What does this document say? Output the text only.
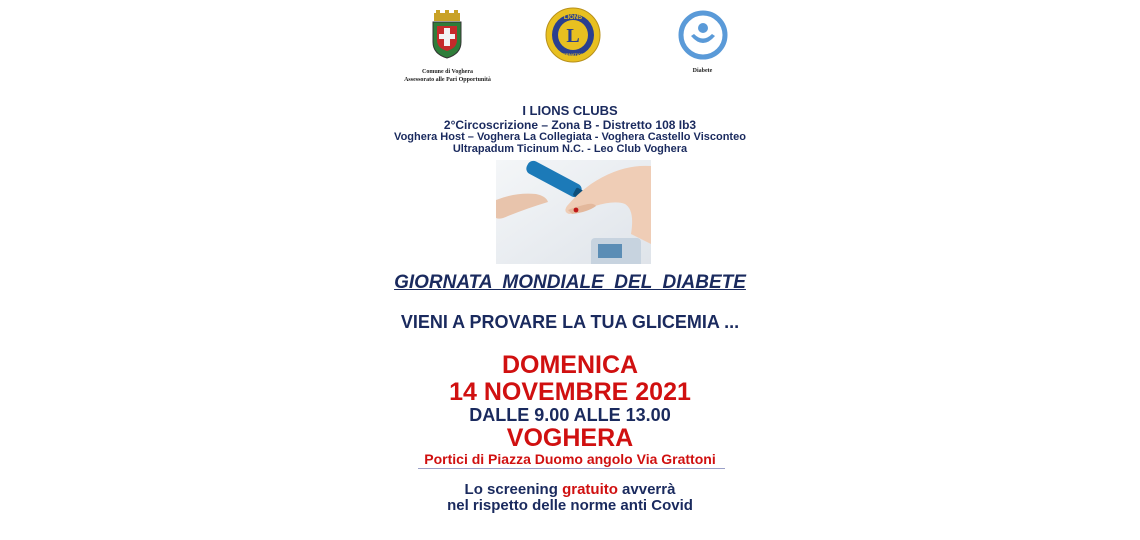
Comune di Voghera
Assessorato alle Pari Opportunità
L
LIONS
INTERNATIONAL
Diabete
I LIONS CLUBS
2°Circoscrizione – Zona B - Distretto 108 Ib3
Voghera Host – Voghera La Collegiata - Voghera Castello Visconteo
Ultrapadum Ticinum N.C. - Leo Club Voghera
GIORNATA  MONDIALE  DEL  DIABETE
VIENI A PROVARE LA TUA GLICEMIA ...
DOMENICA
14 NOVEMBRE 2021
DALLE 9.00 ALLE 13.00
VOGHERA
Portici di Piazza Duomo angolo Via Grattoni
Lo screening gratuito avverrà
nel rispetto delle norme anti Covid
